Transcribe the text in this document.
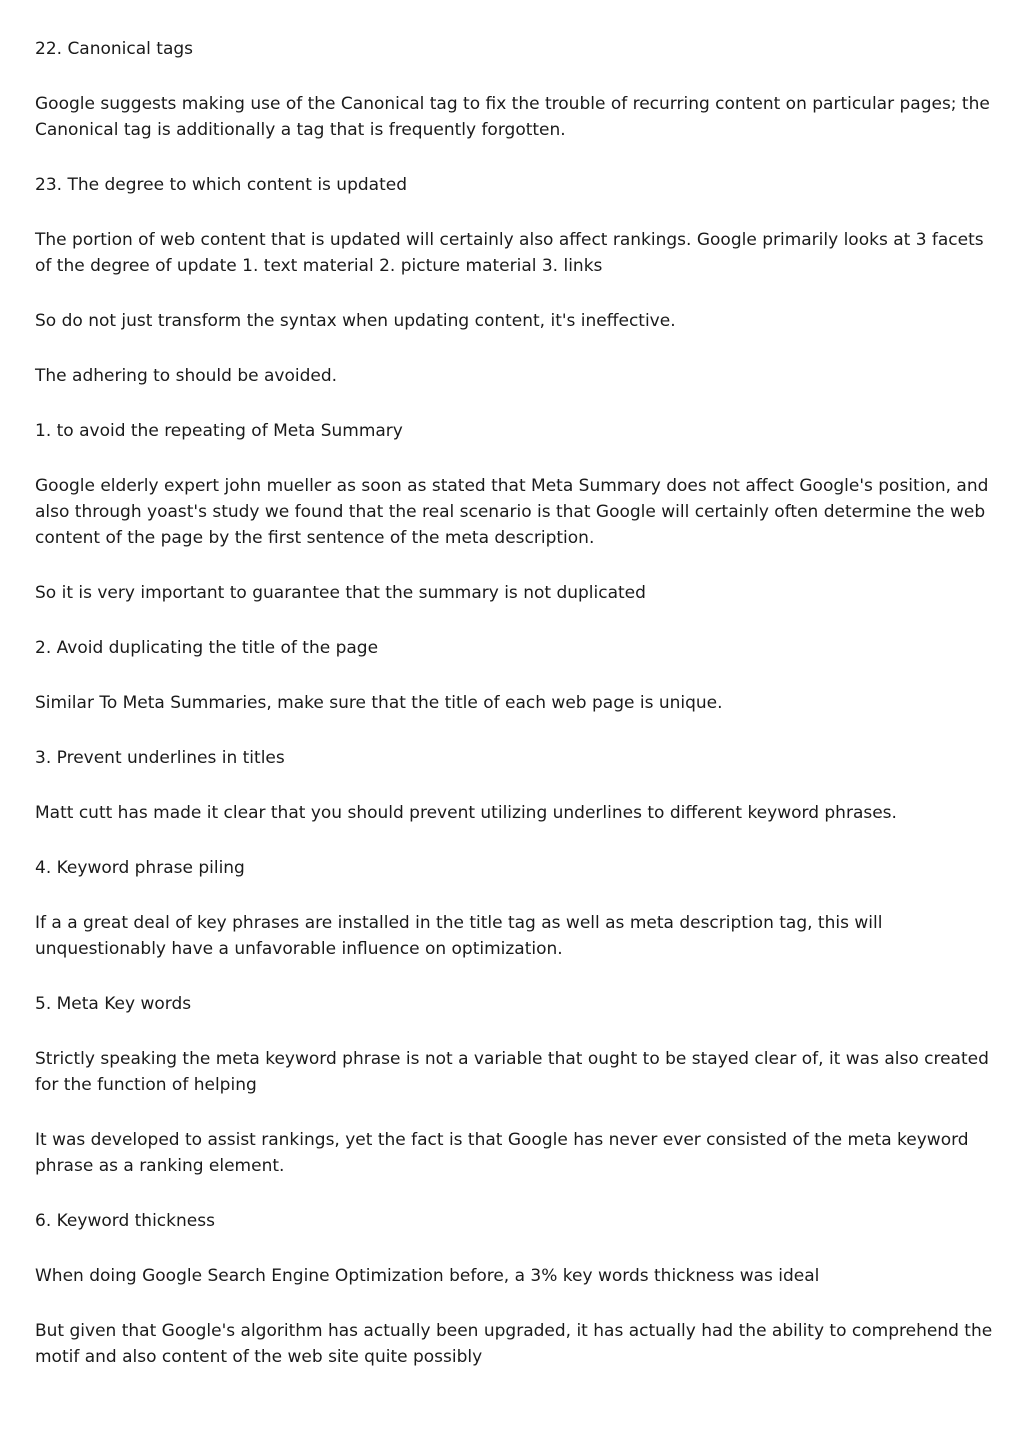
22. Canonical tags

Google suggests making use of the Canonical tag to fix the trouble of recurring content on particular pages; the Canonical tag is additionally a tag that is frequently forgotten.

23. The degree to which content is updated

The portion of web content that is updated will certainly also affect rankings. Google primarily looks at 3 facets of the degree of update 1. text material 2. picture material 3. links

So do not just transform the syntax when updating content, it's ineffective.

The adhering to should be avoided.

1. to avoid the repeating of Meta Summary

Google elderly expert john mueller as soon as stated that Meta Summary does not affect Google's position, and also through yoast's study we found that the real scenario is that Google will certainly often determine the web content of the page by the first sentence of the meta description.

So it is very important to guarantee that the summary is not duplicated

2. Avoid duplicating the title of the page

Similar To Meta Summaries, make sure that the title of each web page is unique.

3. Prevent underlines in titles

Matt cutt has made it clear that you should prevent utilizing underlines to different keyword phrases.

4. Keyword phrase piling

If a a great deal of key phrases are installed in the title tag as well as meta description tag, this will unquestionably have a unfavorable influence on optimization.

5. Meta Key words

Strictly speaking the meta keyword phrase is not a variable that ought to be stayed clear of, it was also created for the function of helping

It was developed to assist rankings, yet the fact is that Google has never ever consisted of the meta keyword phrase as a ranking element.

6. Keyword thickness

When doing Google Search Engine Optimization before, a 3% key words thickness was ideal

But given that Google's algorithm has actually been upgraded, it has actually had the ability to comprehend the motif and also content of the web site quite possibly
